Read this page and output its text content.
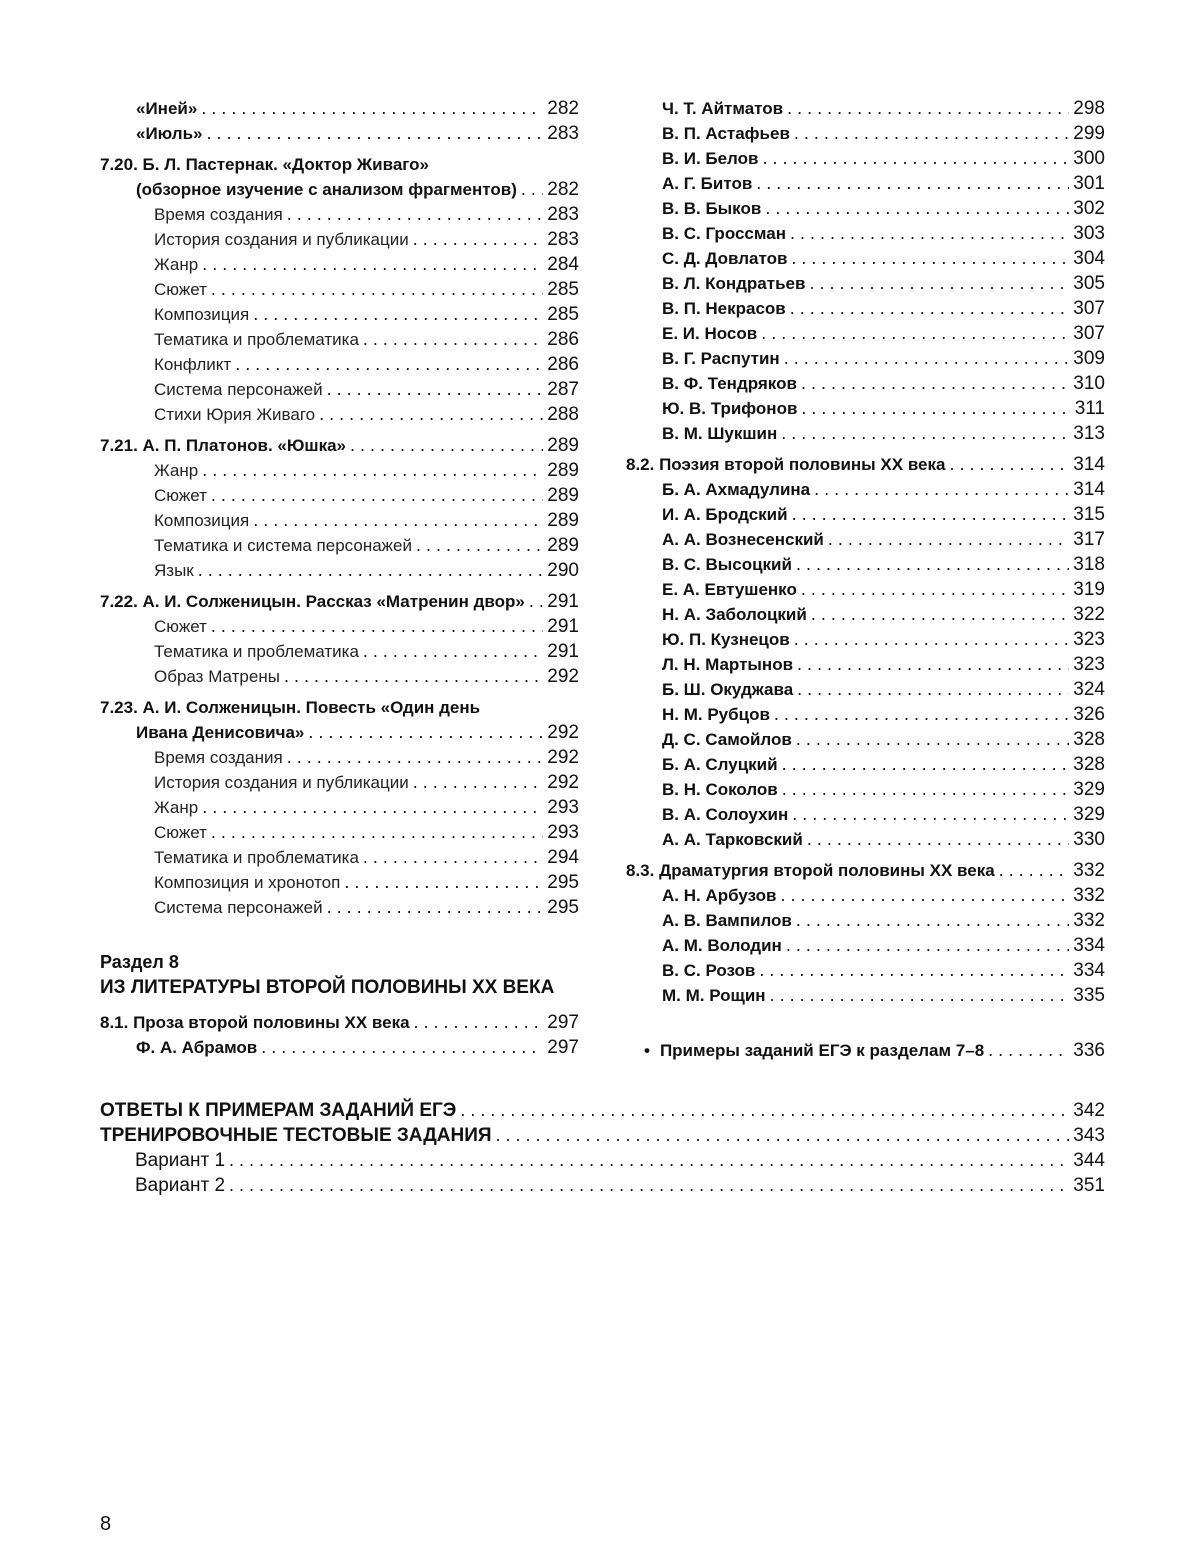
«Иней» . . .	282
«Июль» . . .	283
7.20. Б. Л. Пастернак. «Доктор Живаго»
(обзорное изучение с анализом фрагментов) . . . 282
Время создания . . .	283
История создания и публикации . . .	283
Жанр . . .	284
Сюжет . . .	285
Композиция . . .	285
Тематика и проблематика . . .	286
Конфликт . . .	286
Система персонажей . . .	287
Стихи Юрия Живаго . . .	288
7.21. А. П. Платонов. «Юшка» . . .	289
Жанр . . .	289
Сюжет . . .	289
Композиция . . .	289
Тематика и система персонажей . . .	289
Язык . . .	290
7.22. А. И. Солженицын. Рассказ «Матренин двор» . . . 291
Сюжет . . .	291
Тематика и проблематика . . .	291
Образ Матрены . . .	292
7.23. А. И. Солженицын. Повесть «Один день
Ивана Денисовича» . . .	292
Время создания . . .	292
История создания и публикации . . .	292
Жанр . . .	293
Сюжет . . .	293
Тематика и проблематика . . .	294
Композиция и хронотоп . . .	295
Система персонажей . . .	295
Раздел 8
ИЗ ЛИТЕРАТУРЫ ВТОРОЙ ПОЛОВИНЫ XX ВЕКА
8.1. Проза второй половины XX века . . .	297
Ф. А. Абрамов . . .	297
Ч. Т. Айтматов . . .	298
В. П. Астафьев . . .	299
В. И. Белов . . .	300
А. Г. Битов . . .	301
В. В. Быков . . .	302
В. С. Гроссман . . .	303
С. Д. Довлатов . . .	304
В. Л. Кондратьев . . .	305
В. П. Некрасов . . .	307
Е. И. Носов . . .	307
В. Г. Распутин . . .	309
В. Ф. Тендряков . . .	310
Ю. В. Трифонов . . .	311
В. М. Шукшин . . .	313
8.2. Поэзия второй половины XX века . . .	314
Б. А. Ахмадулина . . .	314
И. А. Бродский . . .	315
А. А. Вознесенский . . .	317
В. С. Высоцкий . . .	318
Е. А. Евтушенко . . .	319
Н. А. Заболоцкий . . .	322
Ю. П. Кузнецов . . .	323
Л. Н. Мартынов . . .	323
Б. Ш. Окуджава . . .	324
Н. М. Рубцов . . .	326
Д. С. Самойлов . . .	328
Б. А. Слуцкий . . .	328
В. Н. Соколов . . .	329
В. А. Солоухин . . .	329
А. А. Тарковский . . .	330
8.3. Драматургия второй половины XX века . . .	332
А. Н. Арбузов . . .	332
А. В. Вампилов . . .	332
А. М. Володин . . .	334
В. С. Розов . . .	334
М. М. Рощин . . .	335
• Примеры заданий ЕГЭ к разделам 7–8 . . .	336
ОТВЕТЫ К ПРИМЕРАМ ЗАДАНИЙ ЕГЭ . . .	342
ТРЕНИРОВОЧНЫЕ ТЕСТОВЫЕ ЗАДАНИЯ . . .	343
Вариант 1 . . .	344
Вариант 2 . . .	351
8
